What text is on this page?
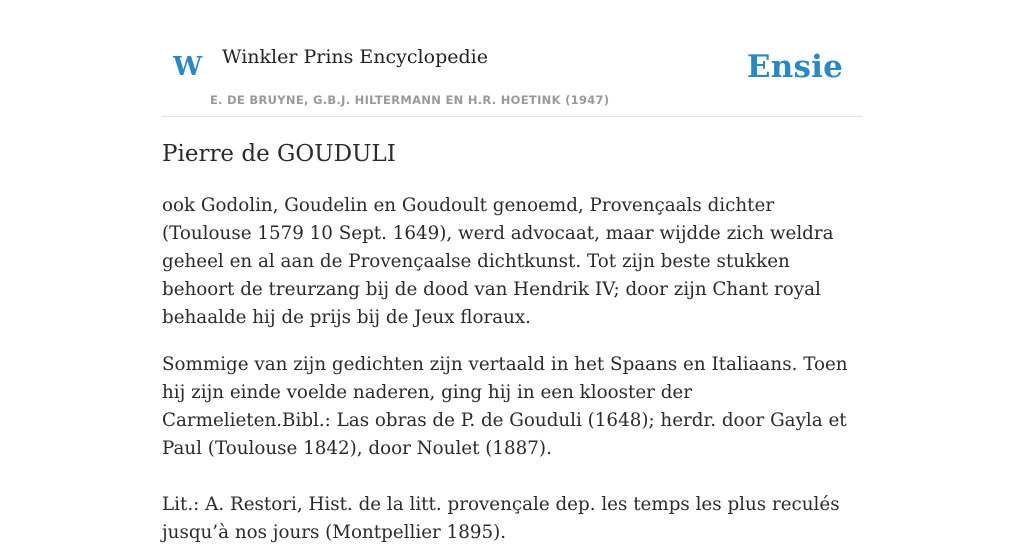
W Winkler Prins Encyclopedie
E. DE BRUYNE, G.B.J. HILTERMANN EN H.R. HOETINK (1947)
Ensie
Pierre de GOUDULI

ook Godolin, Goudelin en Goudoult genoemd, Provençaals dichter (Toulouse 1579 10 Sept. 1649), werd advocaat, maar wijdde zich weldra geheel en al aan de Provençaalse dichtkunst. Tot zijn beste stukken behoort de treurzang bij de dood van Hendrik IV; door zijn Chant royal behaalde hij de prijs bij de Jeux floraux.

Sommige van zijn gedichten zijn vertaald in het Spaans en Italiaans. Toen hij zijn einde voelde naderen, ging hij in een klooster der Carmelieten.Bibl.: Las obras de P. de Gouduli (1648); herdr. door Gayla et Paul (Toulouse 1842), door Noulet (1887).

Lit.: A. Restori, Hist. de la litt. provençale dep. les temps les plus reculés jusqu’à nos jours (Montpellier 1895).
